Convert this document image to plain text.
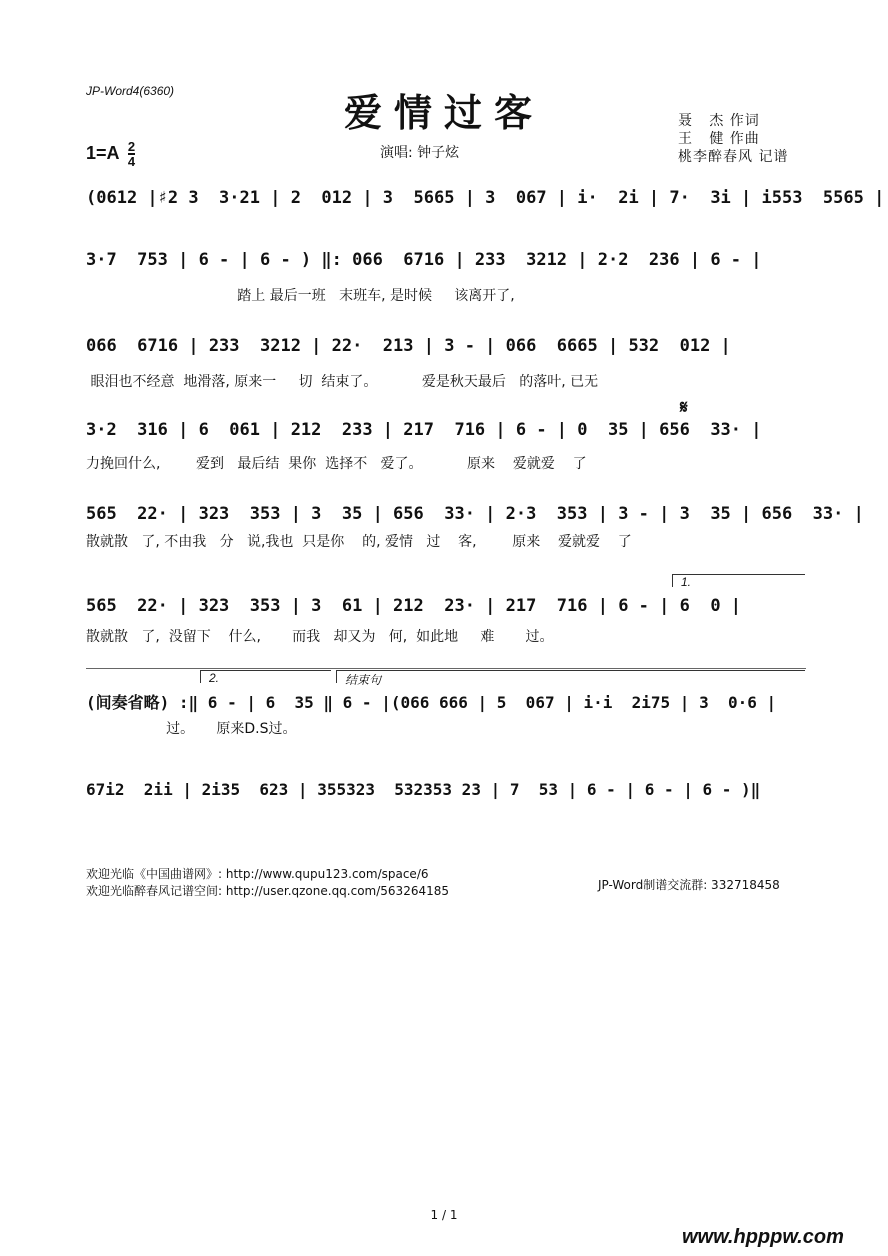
JP-Word4(6360)	爱情过客
$1=A \frac{2}{4}$	演唱: 钟子炫
聂   杰 作词
王   健 作曲
桃李醉春风 记谱
(0612 |♯2 3  3·21 | 2  012 | 3  5665 | 3  067 | i·  2i | 7·  3i | i553  5565 |
3·7  753 | 6 - | 6 - ) ‖: 066  6716 | 233  3212 | 2·2  236 | 6 - |
踏上 最后一班   末班车, 是时候     该离开了,
066  6716 | 233  3212 | 22·  213 | 3 - | 066  6665 | 532  012 |
眼泪也不经意  地滑落, 原来一     切  结束了。          爱是秋天最后   的落叶, 已无
𝄋
3·2  316 | 6  061 | 212  233 | 217  716 | 6 - | 0  35 | 656  33· |
力挽回什么,        爱到   最后结  果你  选择不   爱了。          原来    爱就爱    了
565  22· | 323  353 | 3  35 | 656  33· | 2·3  353 | 3 - | 3  35 | 656  33· |
散就散   了, 不由我   分   说,我也  只是你    的, 爱情   过    客,        原来    爱就爱    了
1.
565  22· | 323  353 | 3  61 | 212  23· | 217  716 | 6 - | 6  0 |
散就散   了,  没留下    什么,       而我   却又为   何,  如此地     难       过。
2.	结束句
(间奏省略) :‖ 6 - | 6  35 ‖ 6 - |(066 666 | 5  067 | i·i  2i75 | 3  0·6 |
过。     原来D.S过。
67i2  2ii | 2i35  623 | 355323  532353 23 | 7  53 | 6 - | 6 - | 6 - )‖
欢迎光临《中国曲谱网》: http://www.qupu123.com/space/6
欢迎光临醉春风记谱空间: http://user.qzone.qq.com/563264185	JP-Word制谱交流群: 332718458
1 / 1
www.hpppw.com
